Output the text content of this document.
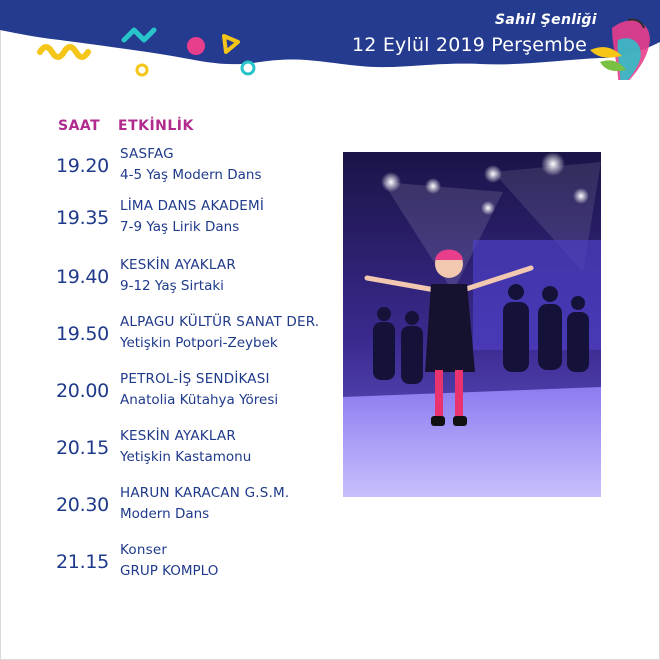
Sahil Şenliği
12 Eylül 2019 Perşembe
SAAT ETKİNLİK
19.20
SASFAG
4-5 Yaş Modern Dans
19.35
LİMA DANS AKADEMİ
7-9 Yaş Lirik Dans
19.40
KESKİN AYAKLAR
9-12 Yaş Sirtaki
19.50
ALPAGU KÜLTÜR SANAT DER.
Yetişkin Potpori-Zeybek
20.00
PETROL-İŞ SENDİKASI
Anatolia Kütahya Yöresi
20.15
KESKİN AYAKLAR
Yetişkin Kastamonu
20.30
HARUN KARACAN G.S.M.
Modern Dans
21.15
Konser
GRUP KOMPLO
